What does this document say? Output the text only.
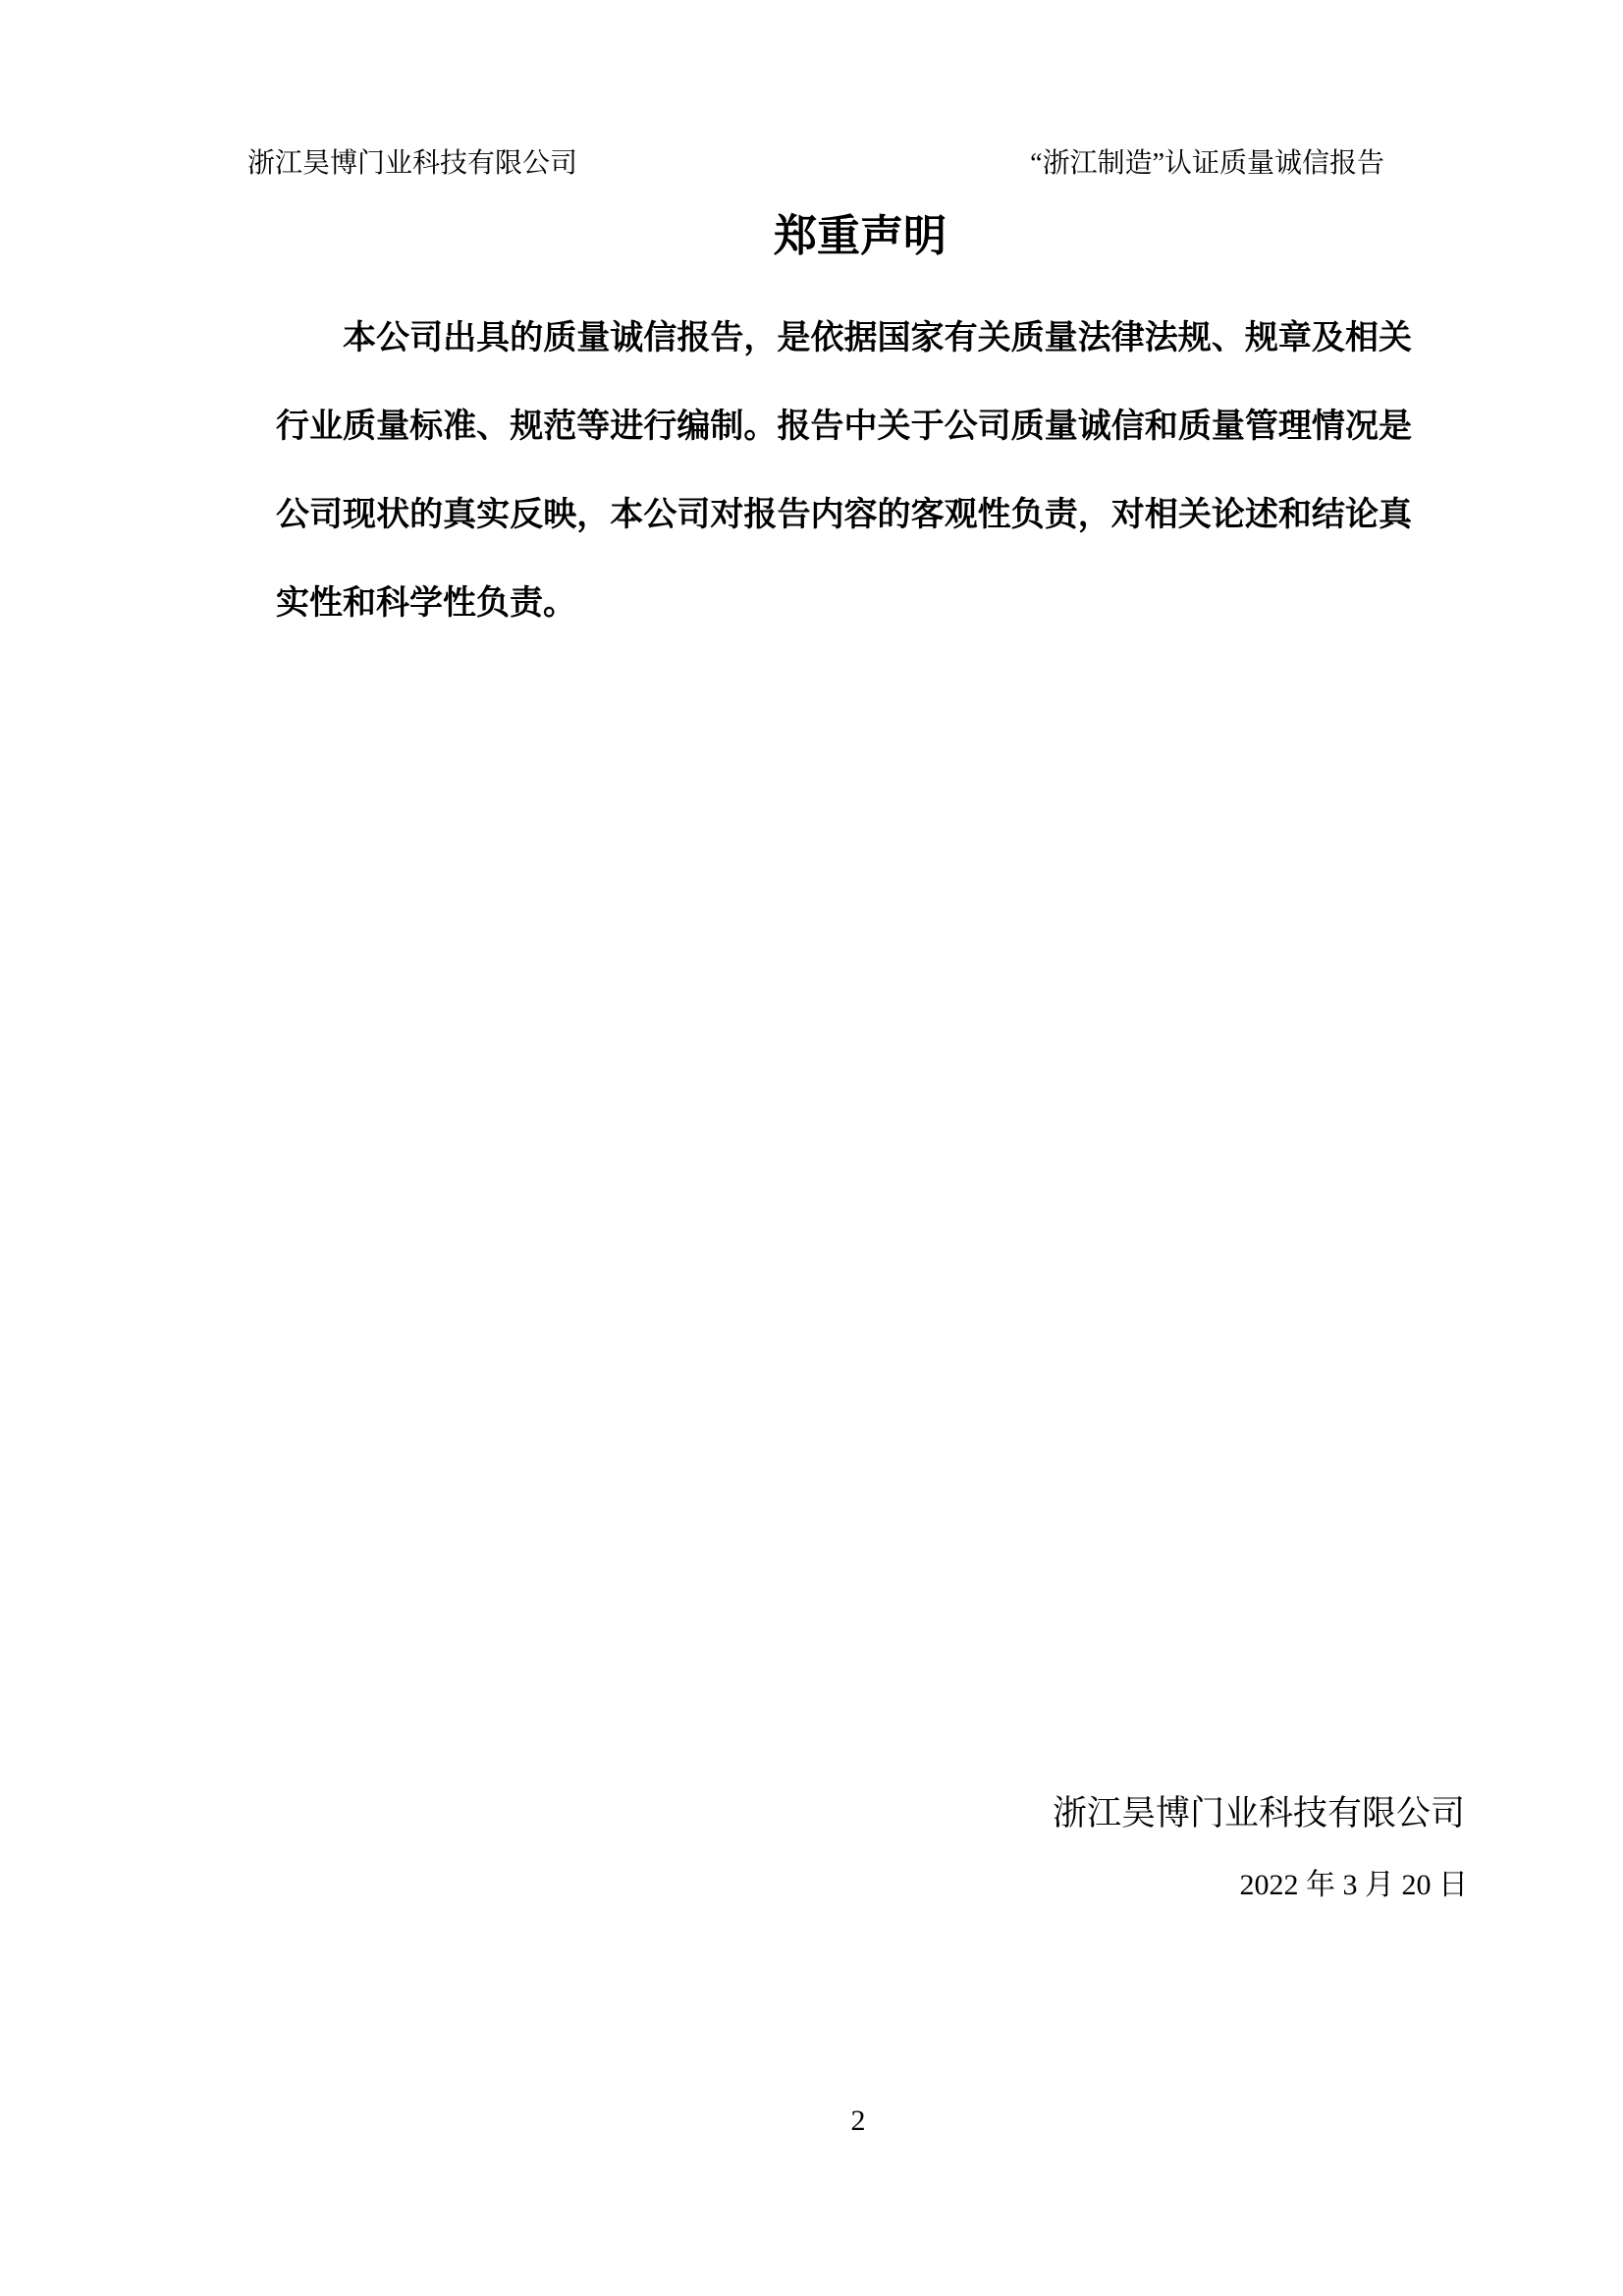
浙江昊博门业科技有限公司	“浙江制造”认证质量诚信报告
郑重声明
本公司出具的质量诚信报告，是依据国家有关质量法律法规、规章及相关
行业质量标准、规范等进行编制。报告中关于公司质量诚信和质量管理情况是
公司现状的真实反映，本公司对报告内容的客观性负责，对相关论述和结论真
实性和科学性负责。
浙江昊博门业科技有限公司
2022 年 3 月 20 日
2
